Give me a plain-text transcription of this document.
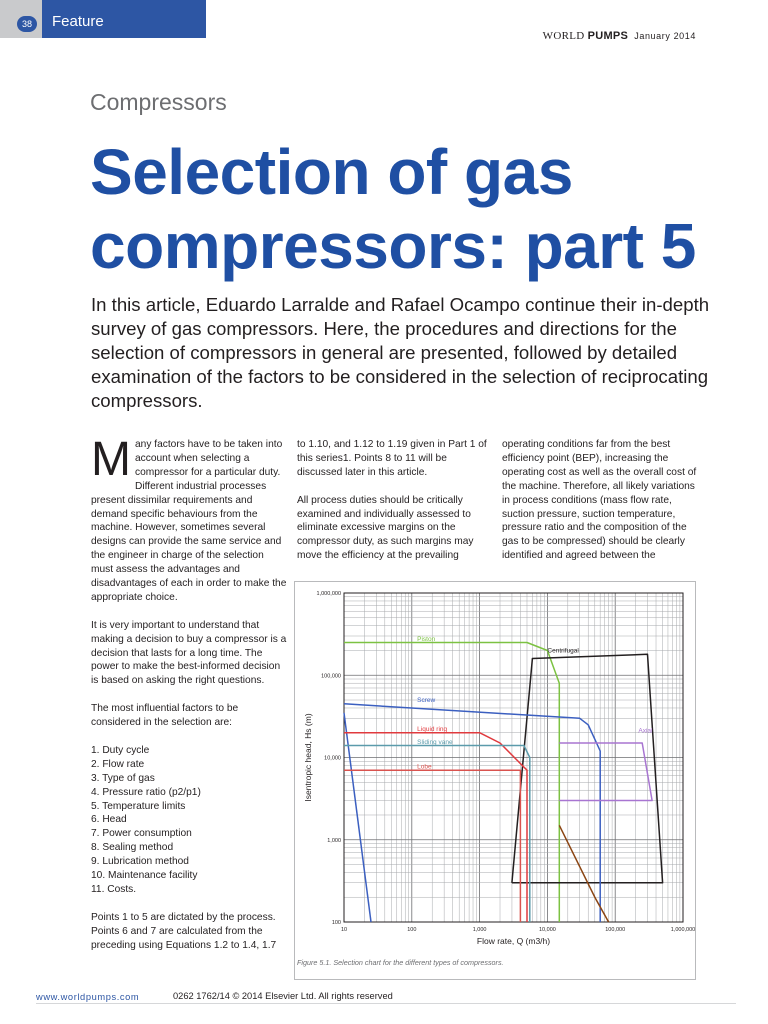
38	Feature
WORLD PUMPS January 2014
Compressors
Selection of gas
compressors: part 5
In this article, Eduardo Larralde and Rafael Ocampo continue their in-depth survey of gas compressors. Here, the procedures and directions for the selection of compressors in general are presented, followed by detailed examination of the factors to be considered in the selection of reciprocating compressors.

Many factors have to be taken into account when selecting a compressor for a particular duty. Different industrial processes present dissimilar requirements and demand specific behaviours from the machine. However, sometimes several designs can provide the same service and the engineer in charge of the selection must assess the advantages and disadvantages of each in order to make the appropriate choice.

It is very important to understand that making a decision to buy a compressor is a decision that lasts for a long time. The power to make the best-informed decision is based on asking the right questions.

The most influential factors to be considered in the selection are:

1. Duty cycle
2. Flow rate
3. Type of gas
4. Pressure ratio (p2/p1)
5. Temperature limits
6. Head
7. Power consumption
8. Sealing method
9. Lubrication method
10. Maintenance facility
11. Costs.

Points 1 to 5 are dictated by the process. Points 6 and 7 are calculated from the preceding using Equations 1.2 to 1.4, 1.7

to 1.10, and 1.12 to 1.19 given in Part 1 of this series1. Points 8 to 11 will be discussed later in this article.

All process duties should be critically examined and individually assessed to eliminate excessive margins on the compressor duty, as such margins may move the efficiency at the prevailing

operating conditions far from the best efficiency point (BEP), increasing the operating cost as well as the overall cost of the machine. Therefore, all likely variations in process conditions (mass flow rate, suction pressure, suction temperature, pressure ratio and the composition of the gas to be compressed) should be clearly identified and agreed between the

10	100	1,000	10,000	100,000	1,000,000
100
1,000
10,000
100,000
1,000,000
Flow rate, Q (m3/h)
Isentropic head, Hs (m)
Piston
Centrifugal
Screw
Liquid ring
Sliding vane
Lobe
Axial
Figure 5.1. Selection chart for the different types of compressors.
www.worldpumps.com	0262 1762/14 © 2014 Elsevier Ltd. All rights reserved
